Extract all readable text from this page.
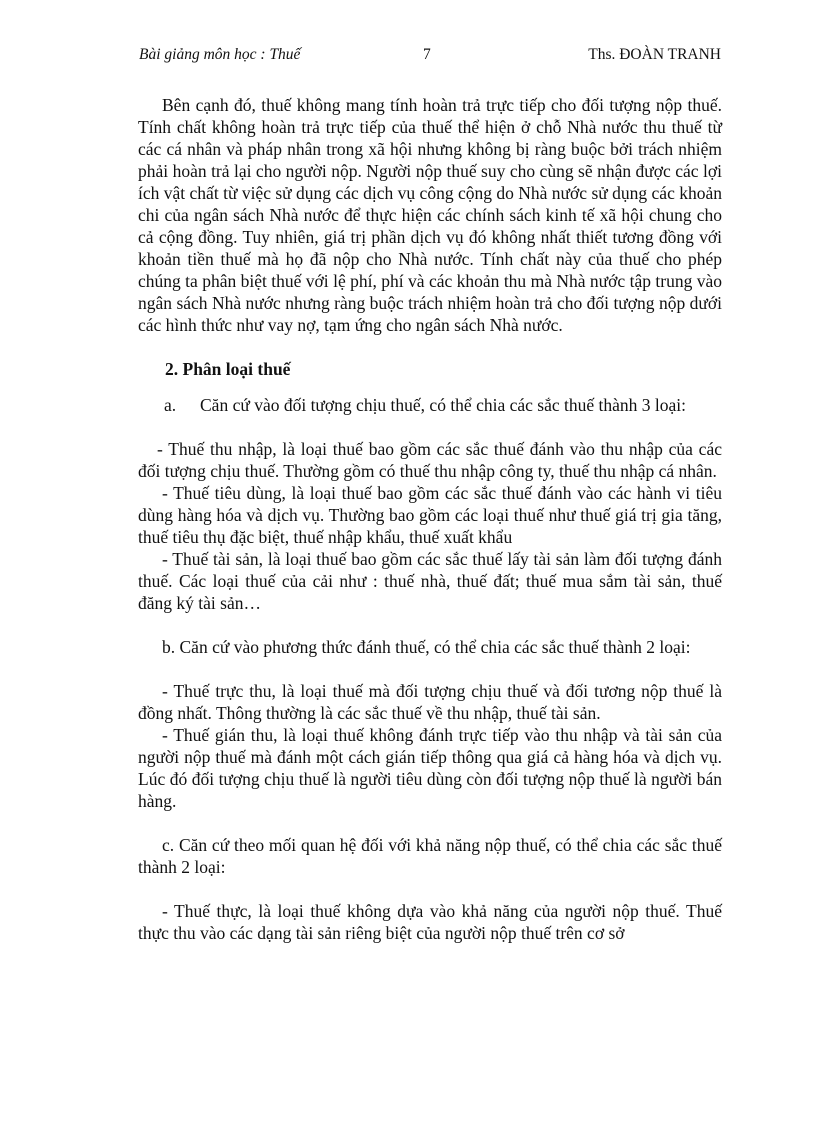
Bài giảng môn học : Thuế	7	Ths. ĐOÀN TRANH

Bên cạnh đó, thuế không mang tính hoàn trả trực tiếp cho đối tượng nộp thuế. Tính chất không hoàn trả trực tiếp của thuế thể hiện ở chỗ Nhà nước thu thuế từ các cá nhân và pháp nhân trong xã hội nhưng không bị ràng buộc bởi trách nhiệm phải hoàn trả lại cho người nộp. Người nộp thuế suy cho cùng sẽ nhận được các lợi ích vật chất từ việc sử dụng các dịch vụ công cộng do Nhà nước sử dụng các khoản chi của ngân sách Nhà nước để thực hiện các chính sách kinh tế xã hội chung cho cả cộng đồng. Tuy nhiên, giá trị phần dịch vụ đó không nhất thiết tương đồng với khoản tiền thuế mà họ đã nộp cho Nhà nước. Tính chất này của thuế cho phép chúng ta phân biệt thuế với lệ phí, phí và các khoản thu mà Nhà nước tập trung vào ngân sách Nhà nước nhưng ràng buộc trách nhiệm hoàn trả cho đối tượng nộp dưới các hình thức như vay nợ, tạm ứng cho ngân sách Nhà nước.

2. Phân loại thuế

a. Căn cứ vào đối tượng chịu thuế, có thể chia các sắc thuế thành 3 loại:

- Thuế thu nhập, là loại thuế bao gồm các sắc thuế đánh vào thu nhập của các đối tượng chịu thuế. Thường gồm có thuế thu nhập công ty, thuế thu nhập cá nhân.

- Thuế tiêu dùng, là loại thuế bao gồm các sắc thuế đánh vào các hành vi tiêu dùng hàng hóa và dịch vụ. Thường bao gồm các loại thuế như thuế giá trị gia tăng, thuế tiêu thụ đặc biệt, thuế nhập khẩu, thuế xuất khẩu

- Thuế tài sản, là loại thuế bao gồm các sắc thuế lấy tài sản làm đối tượng đánh thuế. Các loại thuế của cải như : thuế nhà, thuế đất; thuế mua sắm tài sản, thuế đăng ký tài sản…

b. Căn cứ vào phương thức đánh thuế, có thể chia các sắc thuế thành 2 loại:

- Thuế trực thu, là loại thuế mà đối tượng chịu thuế và đối tương nộp thuế là đồng nhất. Thông thường là các sắc thuế về thu nhập, thuế tài sản.

- Thuế gián thu, là loại thuế không đánh trực tiếp vào thu nhập và tài sản của người nộp thuế mà đánh một cách gián tiếp thông qua giá cả hàng hóa và dịch vụ. Lúc đó đối tượng chịu thuế là người tiêu dùng còn đối tượng nộp thuế là người bán hàng.

c. Căn cứ theo mối quan hệ đối với khả năng nộp thuế, có thể chia các sắc thuế thành 2 loại:

- Thuế thực, là loại thuế không dựa vào khả năng của người nộp thuế. Thuế thực thu vào các dạng tài sản riêng biệt của người nộp thuế trên cơ sở
